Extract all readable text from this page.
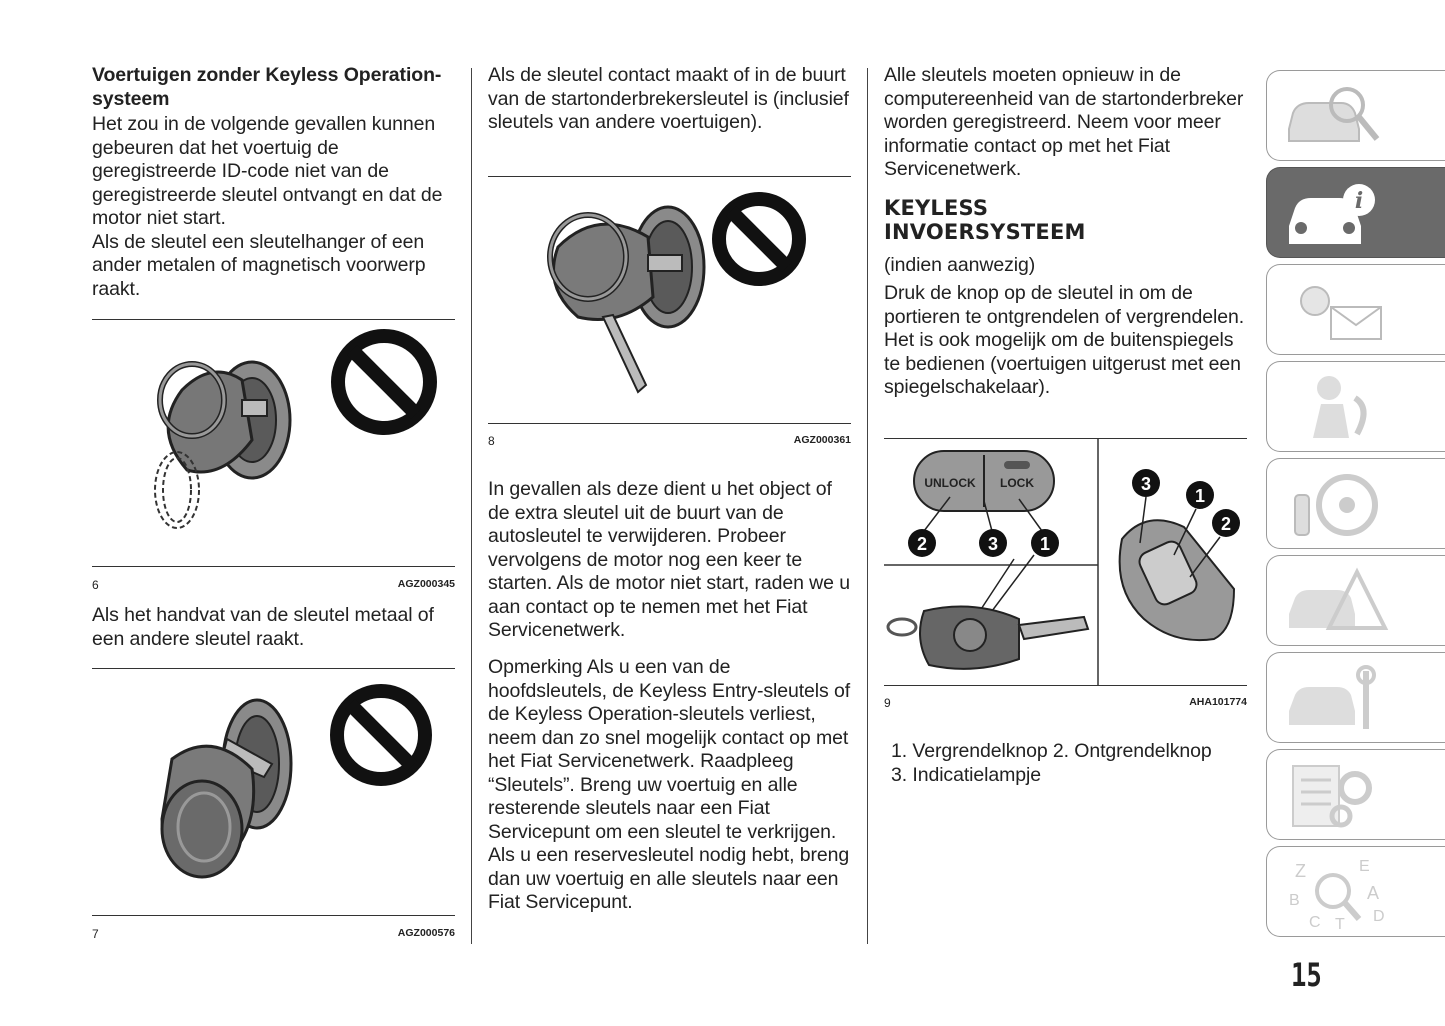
Voertuigen zonder Keyless Operation-systeem

Het zou in de volgende gevallen kunnen gebeuren dat het voertuig de geregistreerde ID-code niet van de geregistreerde sleutel ontvangt en dat de motor niet start.

Als de sleutel een sleutelhanger of een ander metalen of magnetisch voorwerp raakt.

6	AGZ000345

Als het handvat van de sleutel metaal of een andere sleutel raakt.

7	AGZ000576

Als de sleutel contact maakt of in de buurt van de startonderbrekersleutel is (inclusief sleutels van andere voertuigen).

8	AGZ000361

In gevallen als deze dient u het object of de extra sleutel uit de buurt van de autosleutel te verwijderen. Probeer vervolgens de motor nog een keer te starten. Als de motor niet start, raden we u aan contact op te nemen met het Fiat Servicenetwerk.

Opmerking Als u een van de hoofdsleutels, de Keyless Entry-sleutels of de Keyless Operation-sleutels verliest, neem dan zo snel mogelijk contact op met het Fiat Servicenetwerk. Raadpleeg “Sleutels”. Breng uw voertuig en alle resterende sleutels naar een Fiat Servicepunt om een sleutel te verkrijgen. Als u een reservesleutel nodig hebt, breng dan uw voertuig en alle sleutels naar een Fiat Servicepunt.

Alle sleutels moeten opnieuw in de computereenheid van de startonderbreker worden geregistreerd. Neem voor meer informatie contact op met het Fiat Servicenetwerk.

KEYLESS

INVOERSYSTEEM

(indien aanwezig)

Druk de knop op de sleutel in om de portieren te ontgrendelen of vergrendelen. Het is ook mogelijk om de buitenspiegels te bedienen (voertuigen uitgerust met een spiegelschakelaar).

UNLOCK LOCK
2	3 1
3
1
2
9	AHA101774

1. Vergrendelknop 2. Ontgrendelknop

3. Indicatielampje

i
Z	E
B	A
C T D
15
